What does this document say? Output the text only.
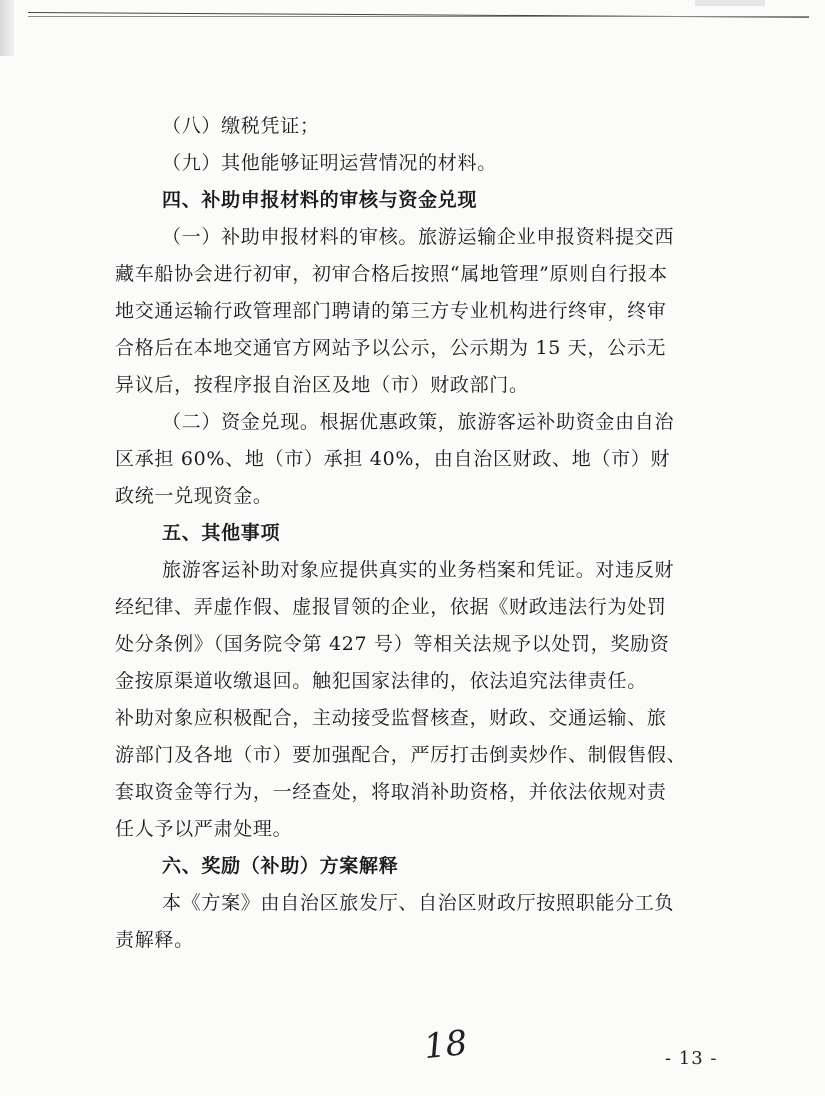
（八）缴税凭证；
（九）其他能够证明运营情况的材料。
四、补助申报材料的审核与资金兑现
（一）补助申报材料的审核。旅游运输企业申报资料提交西
藏车船协会进行初审，初审合格后按照“属地管理”原则自行报本
地交通运输行政管理部门聘请的第三方专业机构进行终审，终审
合格后在本地交通官方网站予以公示，公示期为 15 天，公示无
异议后，按程序报自治区及地（市）财政部门。
（二）资金兑现。根据优惠政策，旅游客运补助资金由自治
区承担 60%、地（市）承担 40%，由自治区财政、地（市）财
政统一兑现资金。
五、其他事项
旅游客运补助对象应提供真实的业务档案和凭证。对违反财
经纪律、弄虚作假、虚报冒领的企业，依据《财政违法行为处罚
处分条例》（国务院令第 427 号）等相关法规予以处罚，奖励资
金按原渠道收缴退回。触犯国家法律的，依法追究法律责任。
补助对象应积极配合，主动接受监督核查，财政、交通运输、旅
游部门及各地（市）要加强配合，严厉打击倒卖炒作、制假售假、
套取资金等行为，一经查处，将取消补助资格，并依法依规对责
任人予以严肃处理。
六、奖励（补助）方案解释
本《方案》由自治区旅发厅、自治区财政厅按照职能分工负
责解释。
18	- 13 -
